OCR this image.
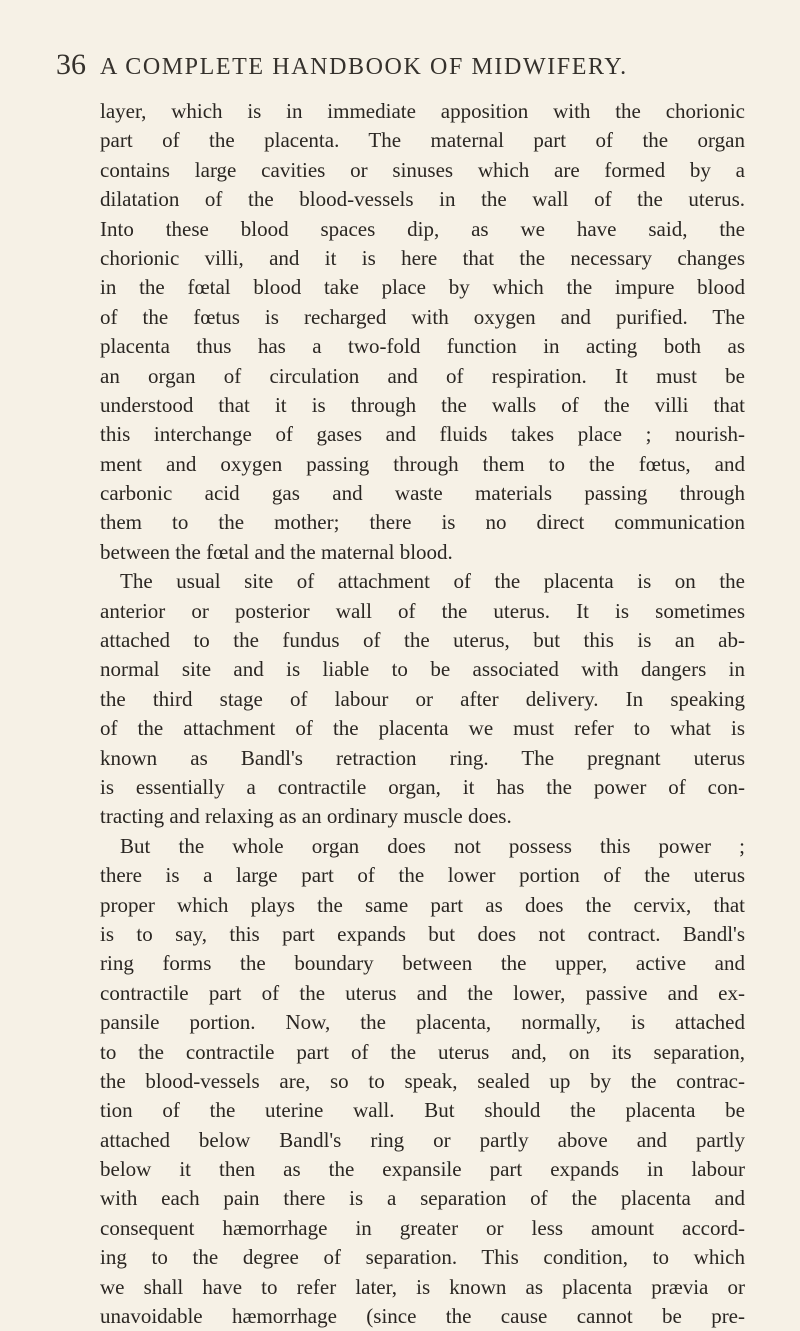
36 A COMPLETE HANDBOOK OF MIDWIFERY.
layer, which is in immediate apposition with the chorionic
part of the placenta. The maternal part of the organ
contains large cavities or sinuses which are formed by a
dilatation of the blood-vessels in the wall of the uterus.
Into these blood spaces dip, as we have said, the
chorionic villi, and it is here that the necessary changes
in the fœtal blood take place by which the impure blood
of the fœtus is recharged with oxygen and purified. The
placenta thus has a two-fold function in acting both as
an organ of circulation and of respiration. It must be
understood that it is through the walls of the villi that
this interchange of gases and fluids takes place ; nourish-
ment and oxygen passing through them to the fœtus, and
carbonic acid gas and waste materials passing through
them to the mother; there is no direct communication
between the fœtal and the maternal blood.
The usual site of attachment of the placenta is on the
anterior or posterior wall of the uterus. It is sometimes
attached to the fundus of the uterus, but this is an ab-
normal site and is liable to be associated with dangers in
the third stage of labour or after delivery. In speaking
of the attachment of the placenta we must refer to what is
known as Bandl's retraction ring. The pregnant uterus
is essentially a contractile organ, it has the power of con-
tracting and relaxing as an ordinary muscle does.
But the whole organ does not possess this power ;
there is a large part of the lower portion of the uterus
proper which plays the same part as does the cervix, that
is to say, this part expands but does not contract. Bandl's
ring forms the boundary between the upper, active and
contractile part of the uterus and the lower, passive and ex-
pansile portion. Now, the placenta, normally, is attached
to the contractile part of the uterus and, on its separation,
the blood-vessels are, so to speak, sealed up by the contrac-
tion of the uterine wall. But should the placenta be
attached below Bandl's ring or partly above and partly
below it then as the expansile part expands in labour
with each pain there is a separation of the placenta and
consequent hæmorrhage in greater or less amount accord-
ing to the degree of separation. This condition, to which
we shall have to refer later, is known as placenta prævia or
unavoidable hæmorrhage (since the cause cannot be pre-
